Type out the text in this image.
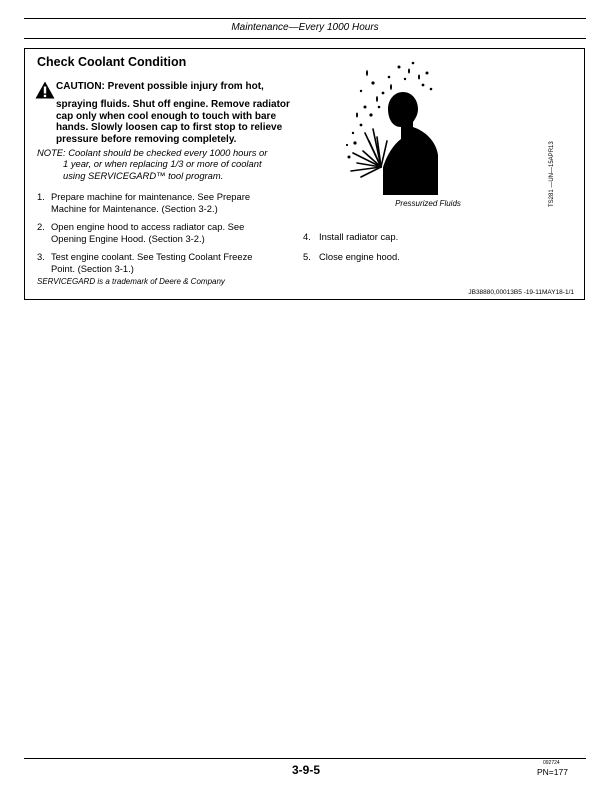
Maintenance—Every 1000 Hours
Check Coolant Condition
CAUTION: Prevent possible injury from hot,
spraying fluids. Shut off engine. Remove radiator
cap only when cool enough to touch with bare
hands. Slowly loosen cap to first stop to relieve
pressure before removing completely.
NOTE: Coolant should be checked every 1000 hours or
1 year, or when replacing 1/3 or more of coolant
using SERVICEGARD™ tool program.
1. Prepare machine for maintenance. See Prepare
Machine for Maintenance. (Section 3-2.)
2. Open engine hood to access radiator cap. See
Opening Engine Hood. (Section 3-2.)
3. Test engine coolant. See Testing Coolant Freeze
Point. (Section 3-1.)
4. Install radiator cap.
5. Close engine hood.
Pressurized Fluids	TS281 —UN—15APR13
SERVICEGARD is a trademark of Deere & Company
JB38880,00013B5 -19-11MAY18-1/1
3-9-5	092724
PN=177
